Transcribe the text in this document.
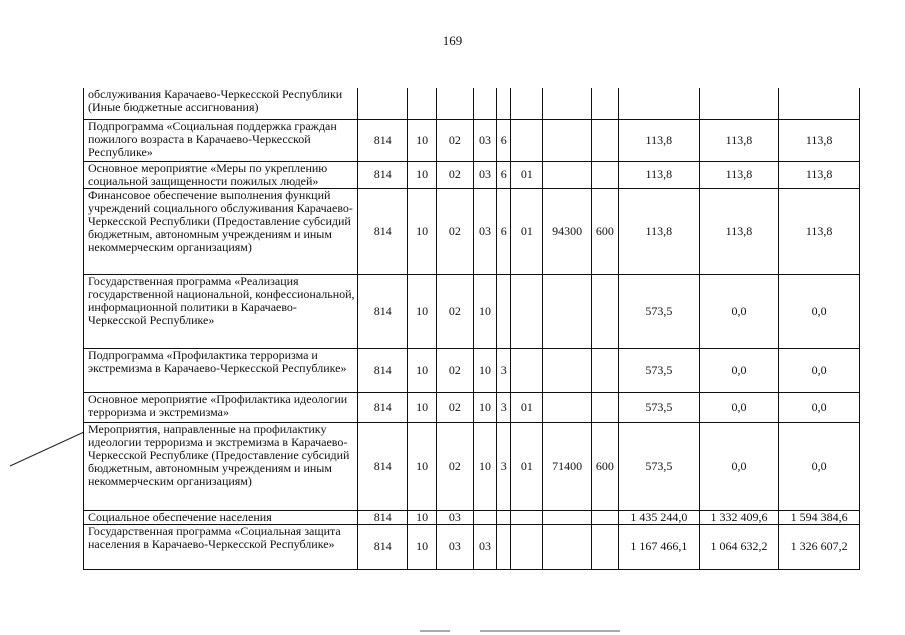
169
обслуживания Карачаево-Черкесской Республики (Иные бюджетные ассигнования)											
Подпрограмма «Социальная поддержка граждан пожилого возраста в Карачаево-Черкесской Республике»	814	10	02	03	6				113,8	113,8	113,8
Основное мероприятие «Меры по укреплению социальной защищенности пожилых людей»	814	10	02	03	6	01			113,8	113,8	113,8
Финансовое обеспечение выполнения функций учреждений социального обслуживания Карачаево-Черкесской Республики (Предоставление субсидий бюджетным, автономным учреждениям и иным некоммерческим организациям)	814	10	02	03	6	01	94300	600	113,8	113,8	113,8
Государственная программа «Реализация государственной национальной, конфессиональной, информационной политики в Карачаево-Черкесской Республике»	814	10	02	10					573,5	0,0	0,0
Подпрограмма «Профилактика терроризма и экстремизма в Карачаево-Черкесской Республике»	814	10	02	10	3				573,5	0,0	0,0
Основное мероприятие «Профилактика идеологии терроризма и экстремизма»	814	10	02	10	3	01			573,5	0,0	0,0
Мероприятия, направленные на профилактику идеологии терроризма и экстремизма в Карачаево-Черкесской Республике (Предоставление субсидий бюджетным, автономным учреждениям и иным некоммерческим организациям)	814	10	02	10	3	01	71400	600	573,5	0,0	0,0
Социальное обеспечение населения	814	10	03						1 435 244,0	1 332 409,6	1 594 384,6
Государственная программа «Социальная защита населения в Карачаево-Черкесской Республике»	814	10	03	03					1 167 466,1	1 064 632,2	1 326 607,2
